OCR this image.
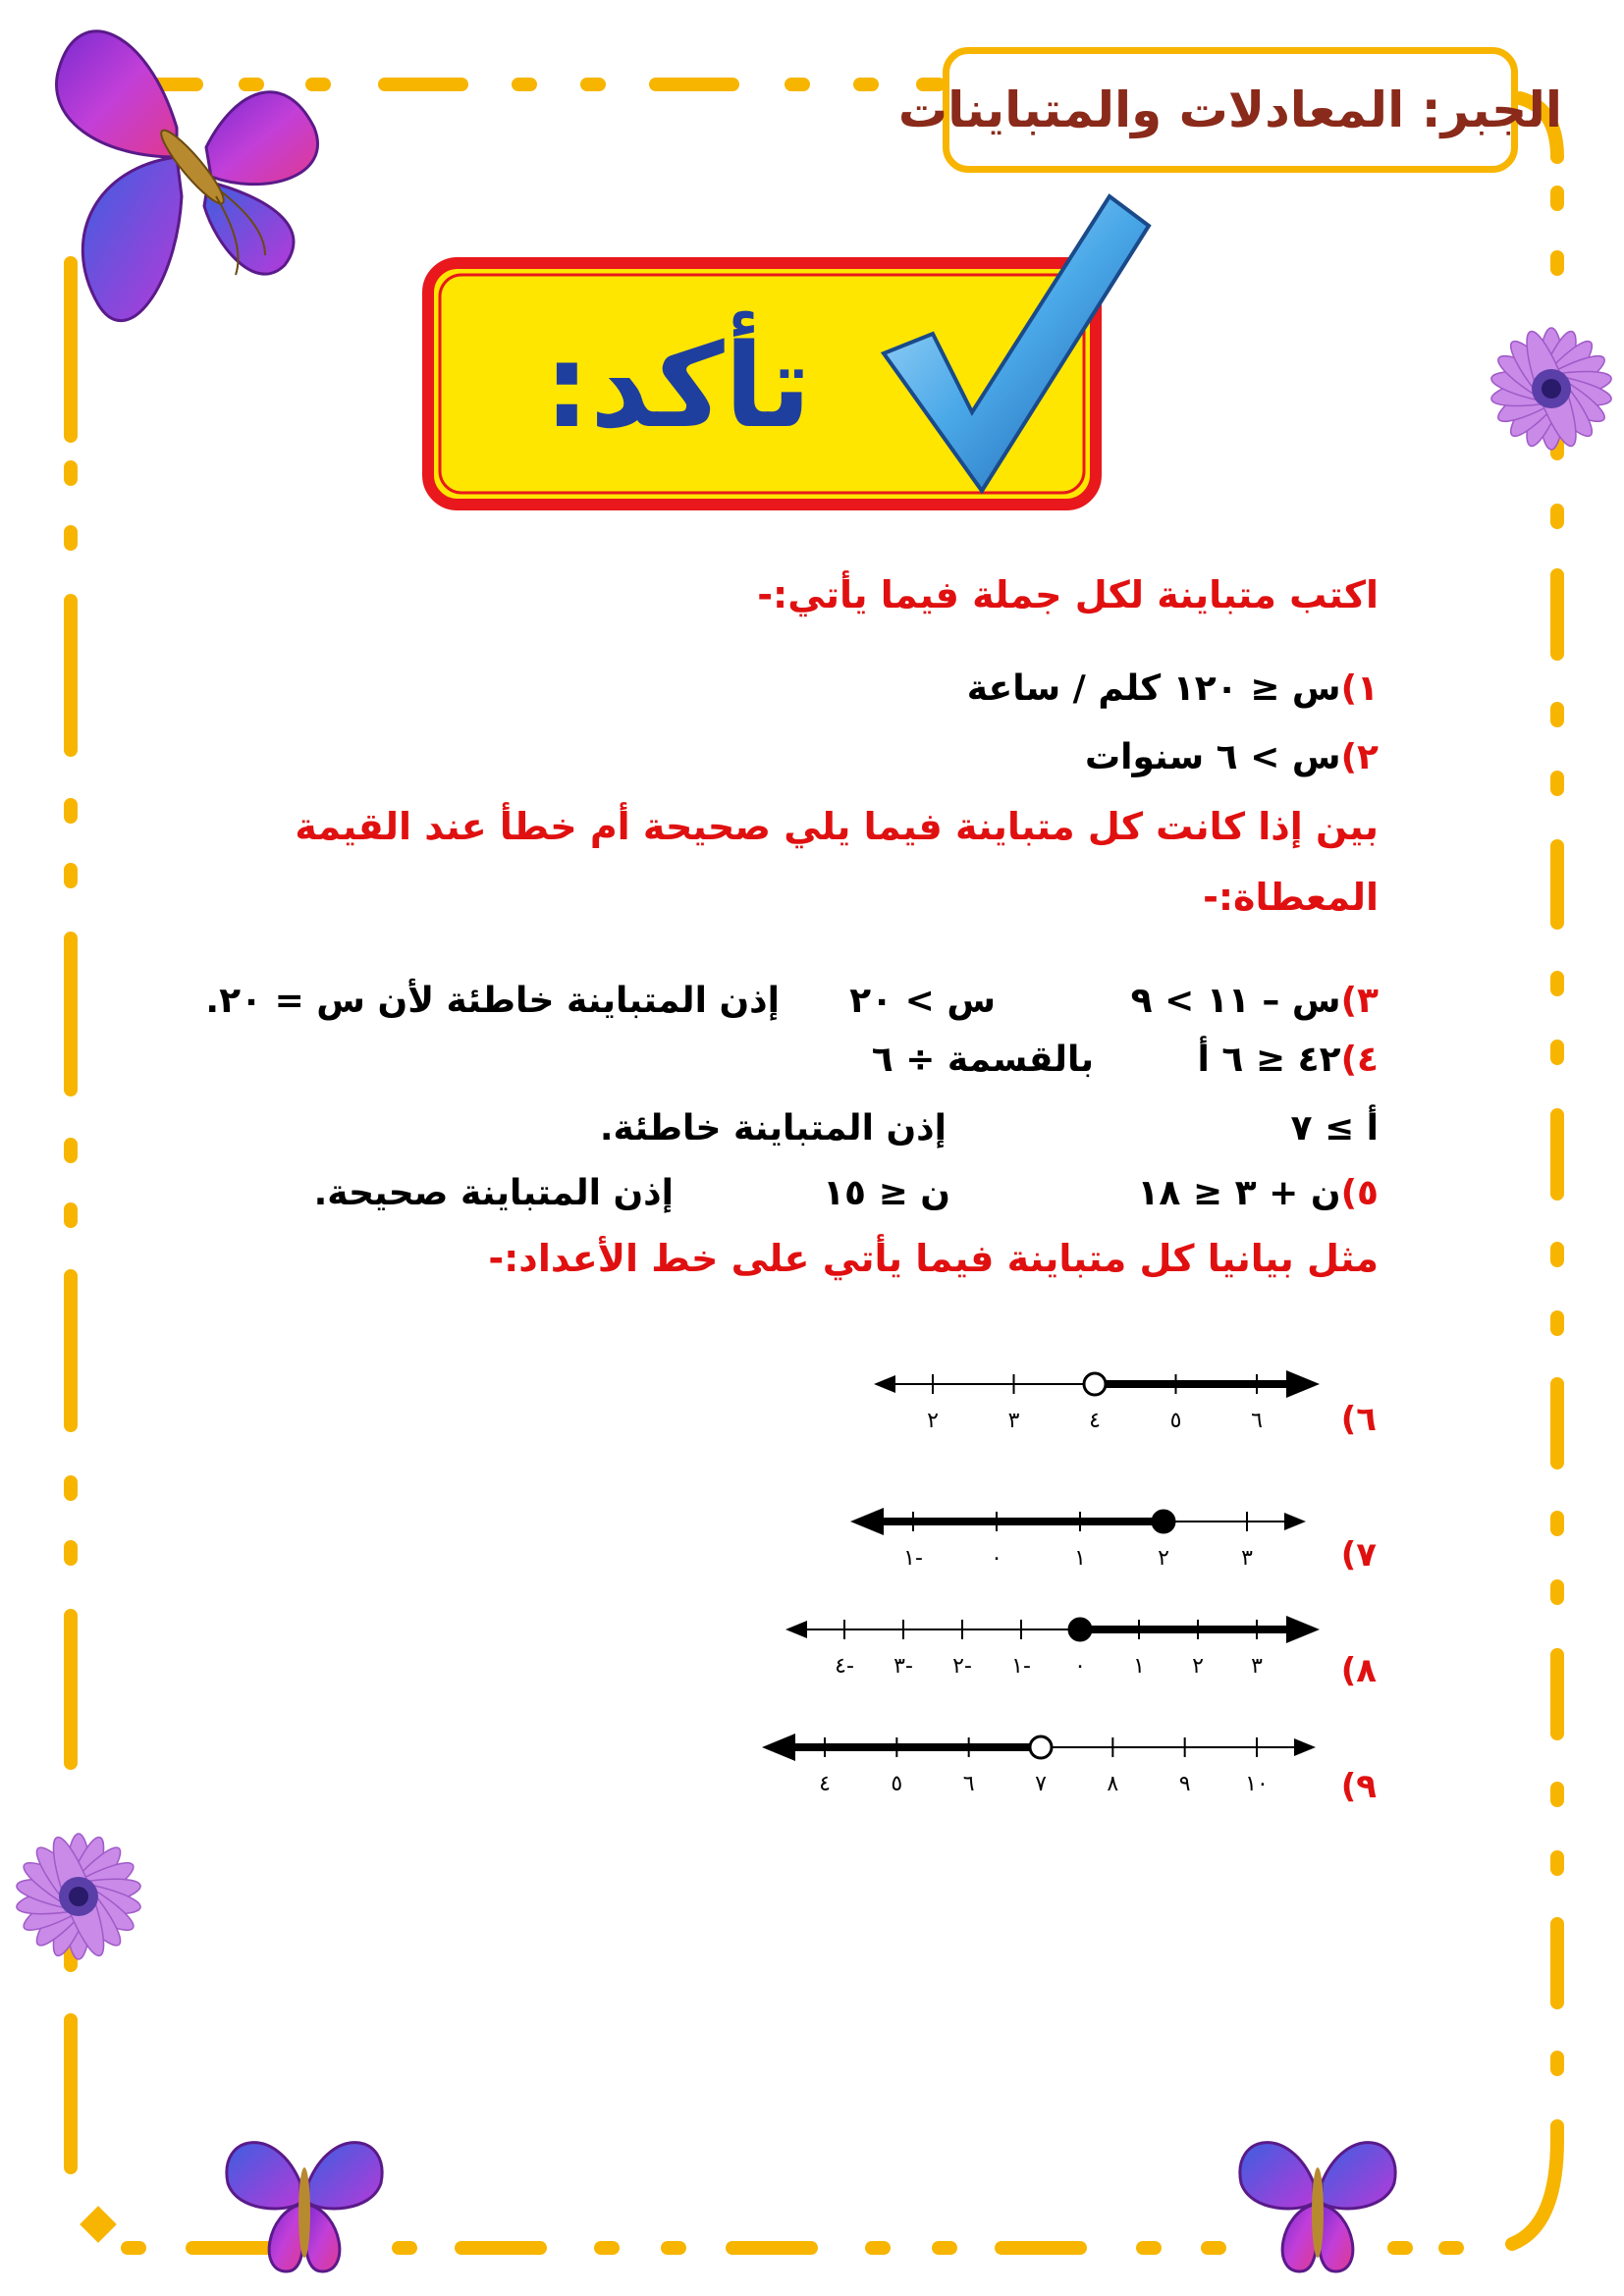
الجبر: المعادلات والمتباينات
تأكد:
اكتب متباينة لكل جملة فيما يأتي:-
١)س ≤ ١٢٠ كلم / ساعة
٢)س > ٦ سنوات
بين إذا كانت كل متباينة فيما يلي صحيحة أم خطأ عند القيمة
المعطاة:-
٣)س – ١١ > ٩
س > ٢٠
إذن المتباينة خاطئة لأن س = ٢٠.
٤)٤٢ ≤ ٦ أ
بالقسمة ÷ ٦
أ ≥ ٧
إذن المتباينة خاطئة.
٥)ن + ٣ ≤ ١٨
ن ≤ ١٥
إذن المتباينة صحيحة.
مثل بيانيا كل متباينة فيما يأتي على خط الأعداد:-
٦)
٧)
٨)
٩)
٢	٣	٤	٥	٦
١-	٠	١	٢	٣
٤- ٣- ٢- ١- ٠ ١ ٢ ٣
٤	٥	٦	٧	٨	٩	١٠
